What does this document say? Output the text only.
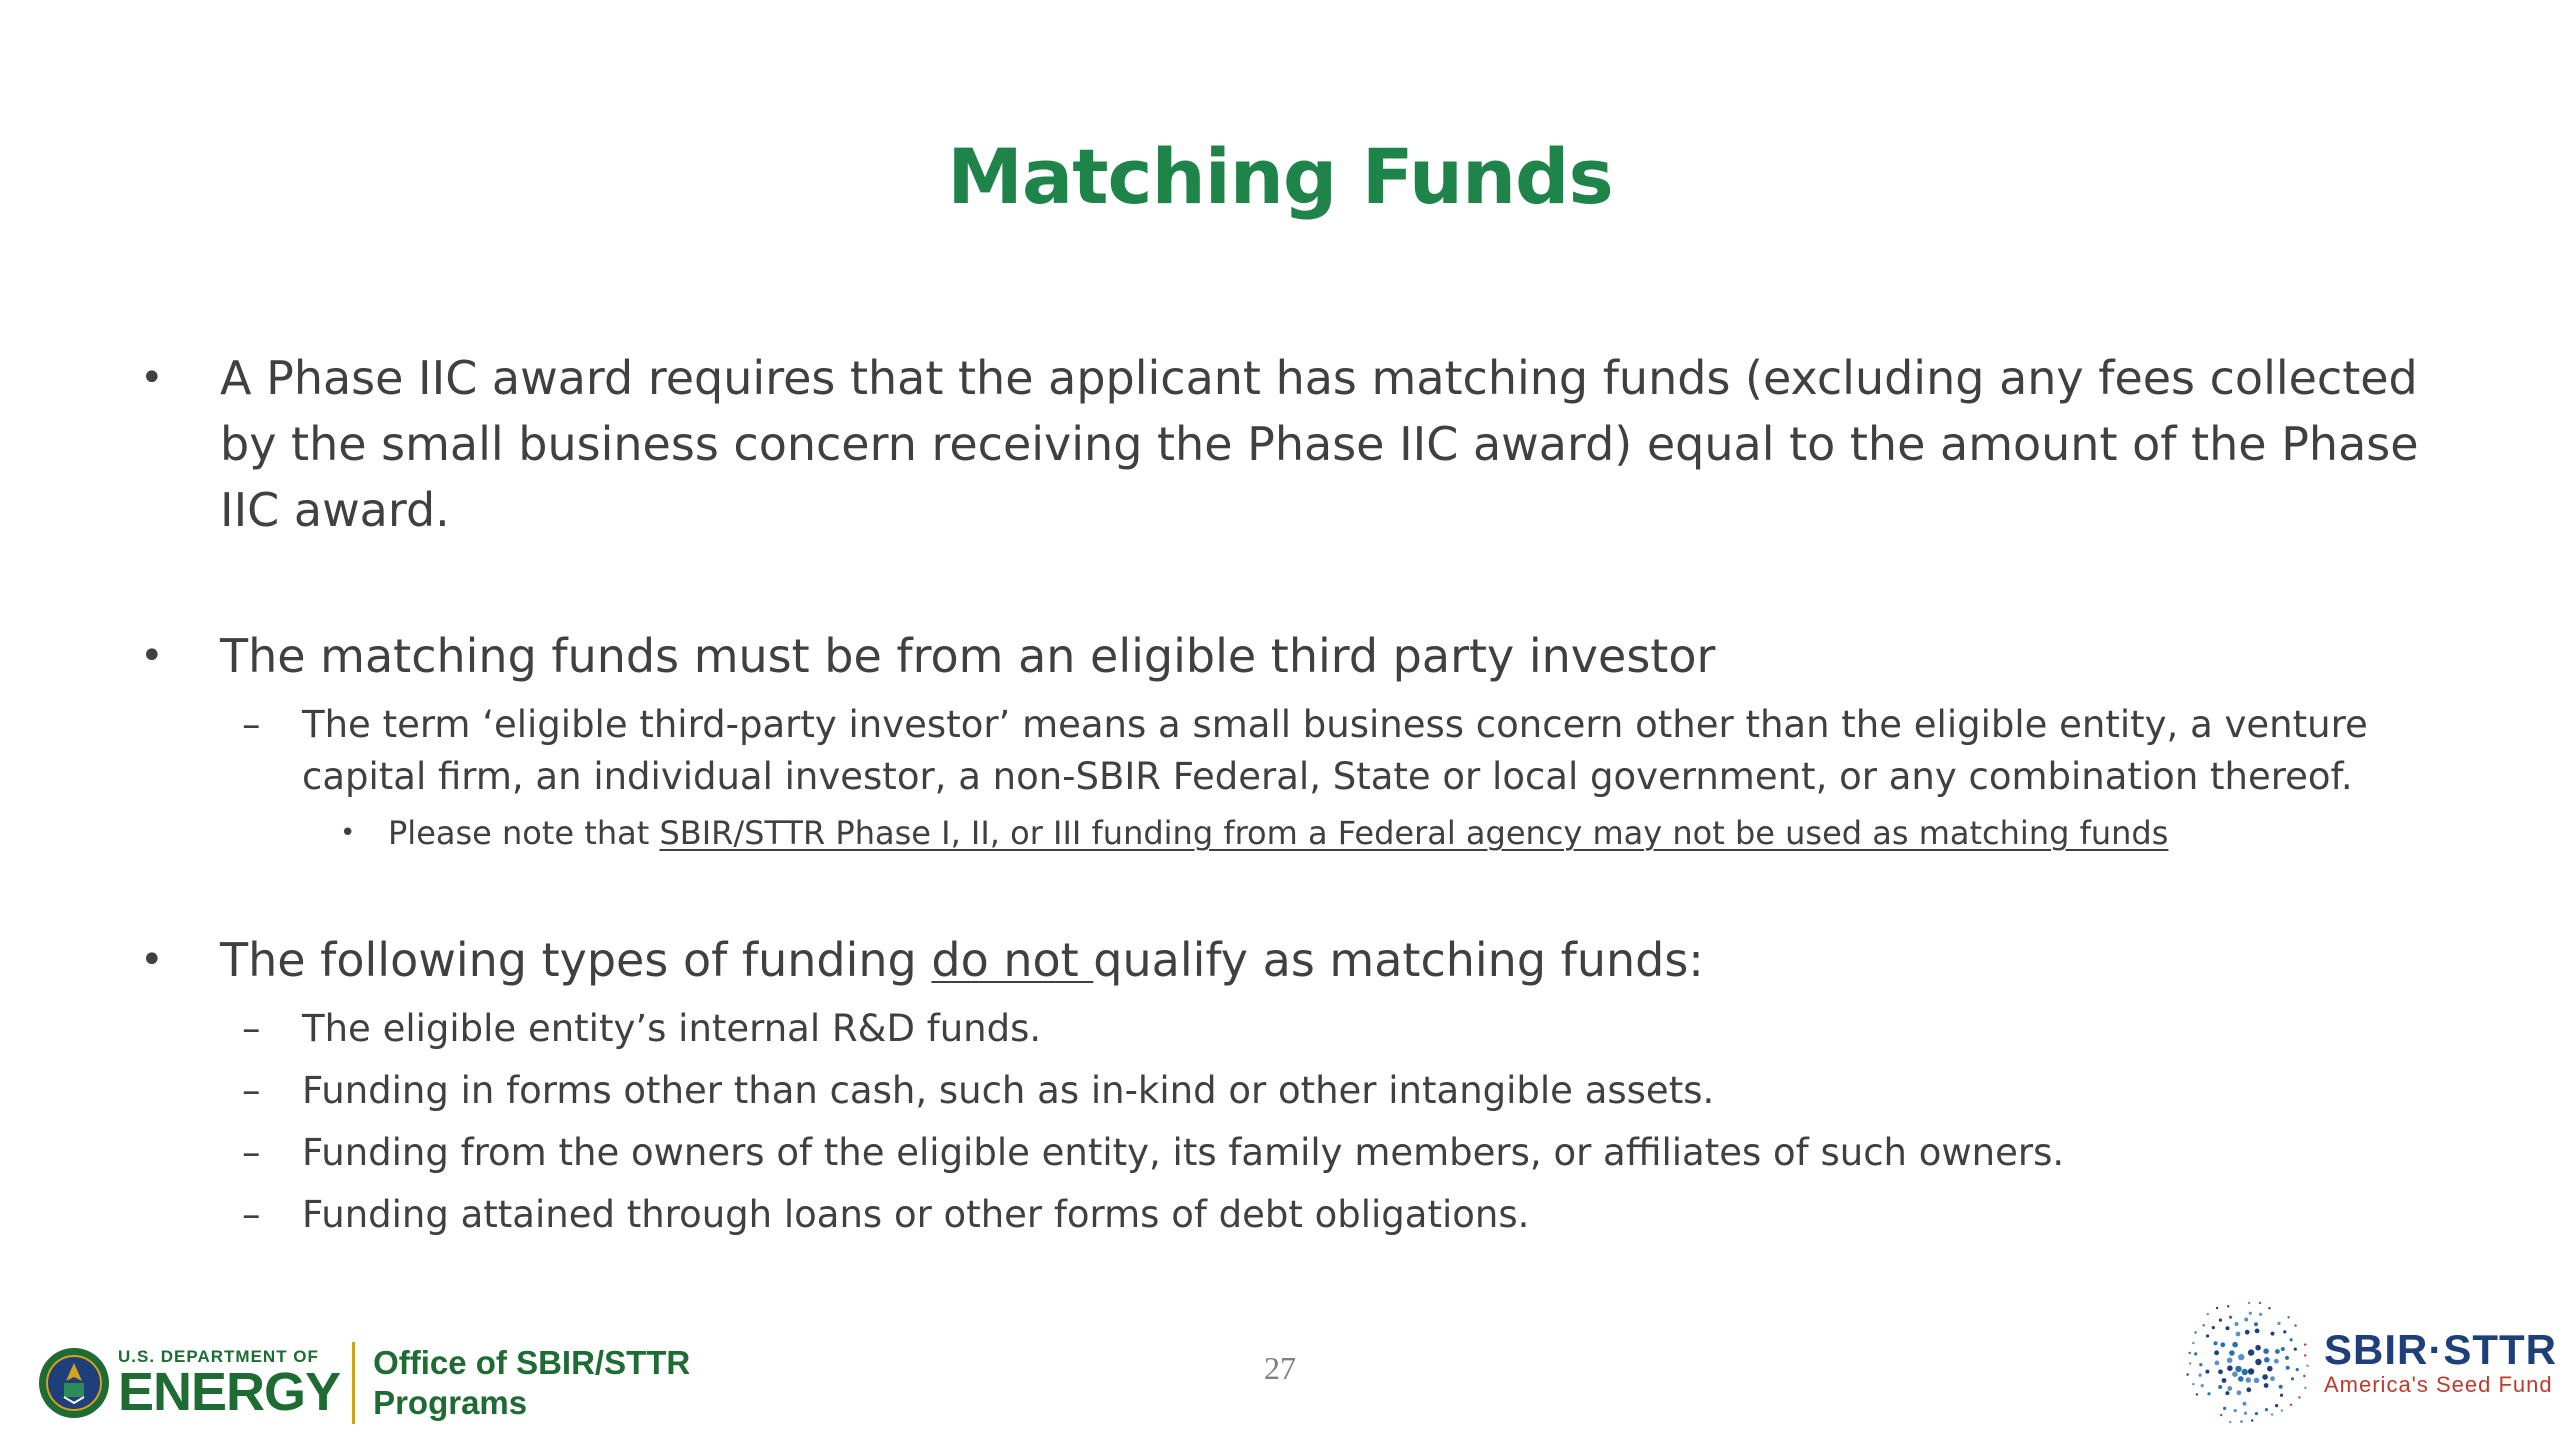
Matching Funds
• A Phase IIC award requires that the applicant has matching funds (excluding any fees collected by the small business concern receiving the Phase IIC award) equal to the amount of the Phase IIC award.
• The matching funds must be from an eligible third party investor
– The term ‘eligible third-party investor’ means a small business concern other than the eligible entity, a venture capital firm, an individual investor, a non-SBIR Federal, State or local government, or any combination thereof.
• Please note that SBIR/STTR Phase I, II, or III funding from a Federal agency may not be used as matching funds
• The following types of funding do not qualify as matching funds:
– The eligible entity’s internal R&D funds.
– Funding in forms other than cash, such as in-kind or other intangible assets.
– Funding from the owners of the eligible entity, its family members, or affiliates of such owners.
– Funding attained through loans or other forms of debt obligations.
U.S. DEPARTMENT OF
ENERGY Office of SBIR/STTR
Programs
27	SBIR·STTR
America's Seed Fund
